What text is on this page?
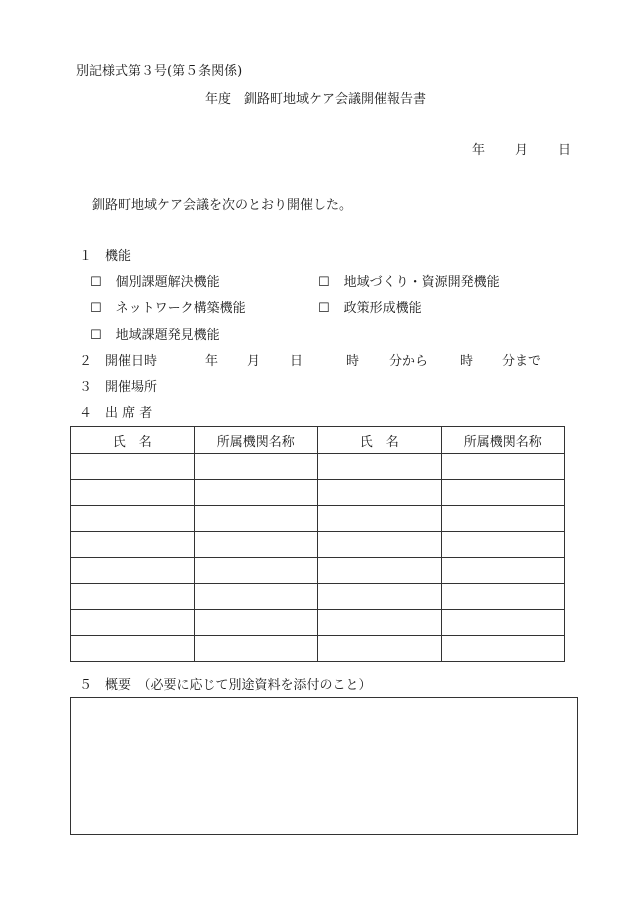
別記様式第３号(第５条関係)
年度　釧路町地域ケア会議開催報告書
年 月 日
釧路町地域ケア会議を次のとおり開催した。
１　機能
☐ 個別課題解決機能	☐ 地域づくり・資源開発機能
☐ ネットワーク構築機能	☐ 政策形成機能
☐ 地域課題発見機能
２　開催日時	年 月 日	時 分から 時 分まで
３　開催場所
４　出 席 者
氏　名	所属機関名称	氏　名	所属機関名称

５　概要　（必要に応じて別途資料を添付のこと）
